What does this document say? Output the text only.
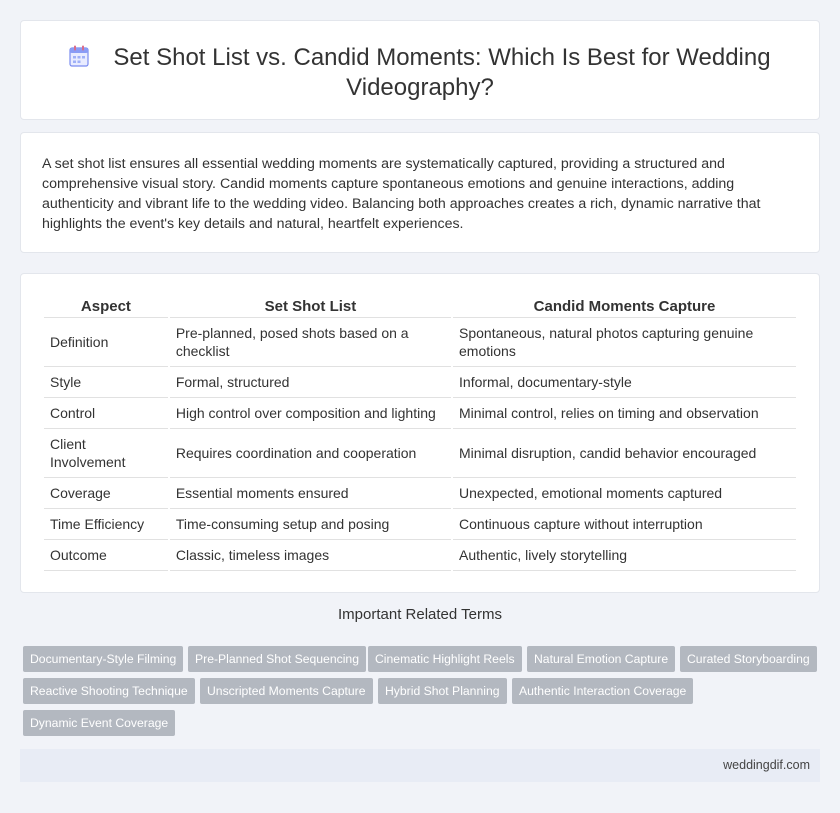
Set Shot List vs. Candid Moments: Which Is Best for Wedding Videography?

A set shot list ensures all essential wedding moments are systematically captured, providing a structured and comprehensive visual story. Candid moments capture spontaneous emotions and genuine interactions, adding authenticity and vibrant life to the wedding video. Balancing both approaches creates a rich, dynamic narrative that highlights the event's key details and natural, heartfelt experiences.

Aspect	Set Shot List	Candid Moments Capture
Definition	Pre-planned, posed shots based on a checklist	Spontaneous, natural photos capturing genuine emotions
Style	Formal, structured	Informal, documentary-style
Control	High control over composition and lighting	Minimal control, relies on timing and observation
Client Involvement	Requires coordination and cooperation	Minimal disruption, candid behavior encouraged
Coverage	Essential moments ensured	Unexpected, emotional moments captured
Time Efficiency	Time-consuming setup and posing	Continuous capture without interruption
Outcome	Classic, timeless images	Authentic, lively storytelling
Important Related Terms
Documentary-Style Filming	Pre-Planned Shot Sequencing	Cinematic Highlight Reels	Natural Emotion Capture	Curated Storyboarding
Reactive Shooting Technique	Unscripted Moments Capture	Hybrid Shot Planning	Authentic Interaction Coverage
Dynamic Event Coverage
weddingdif.com
